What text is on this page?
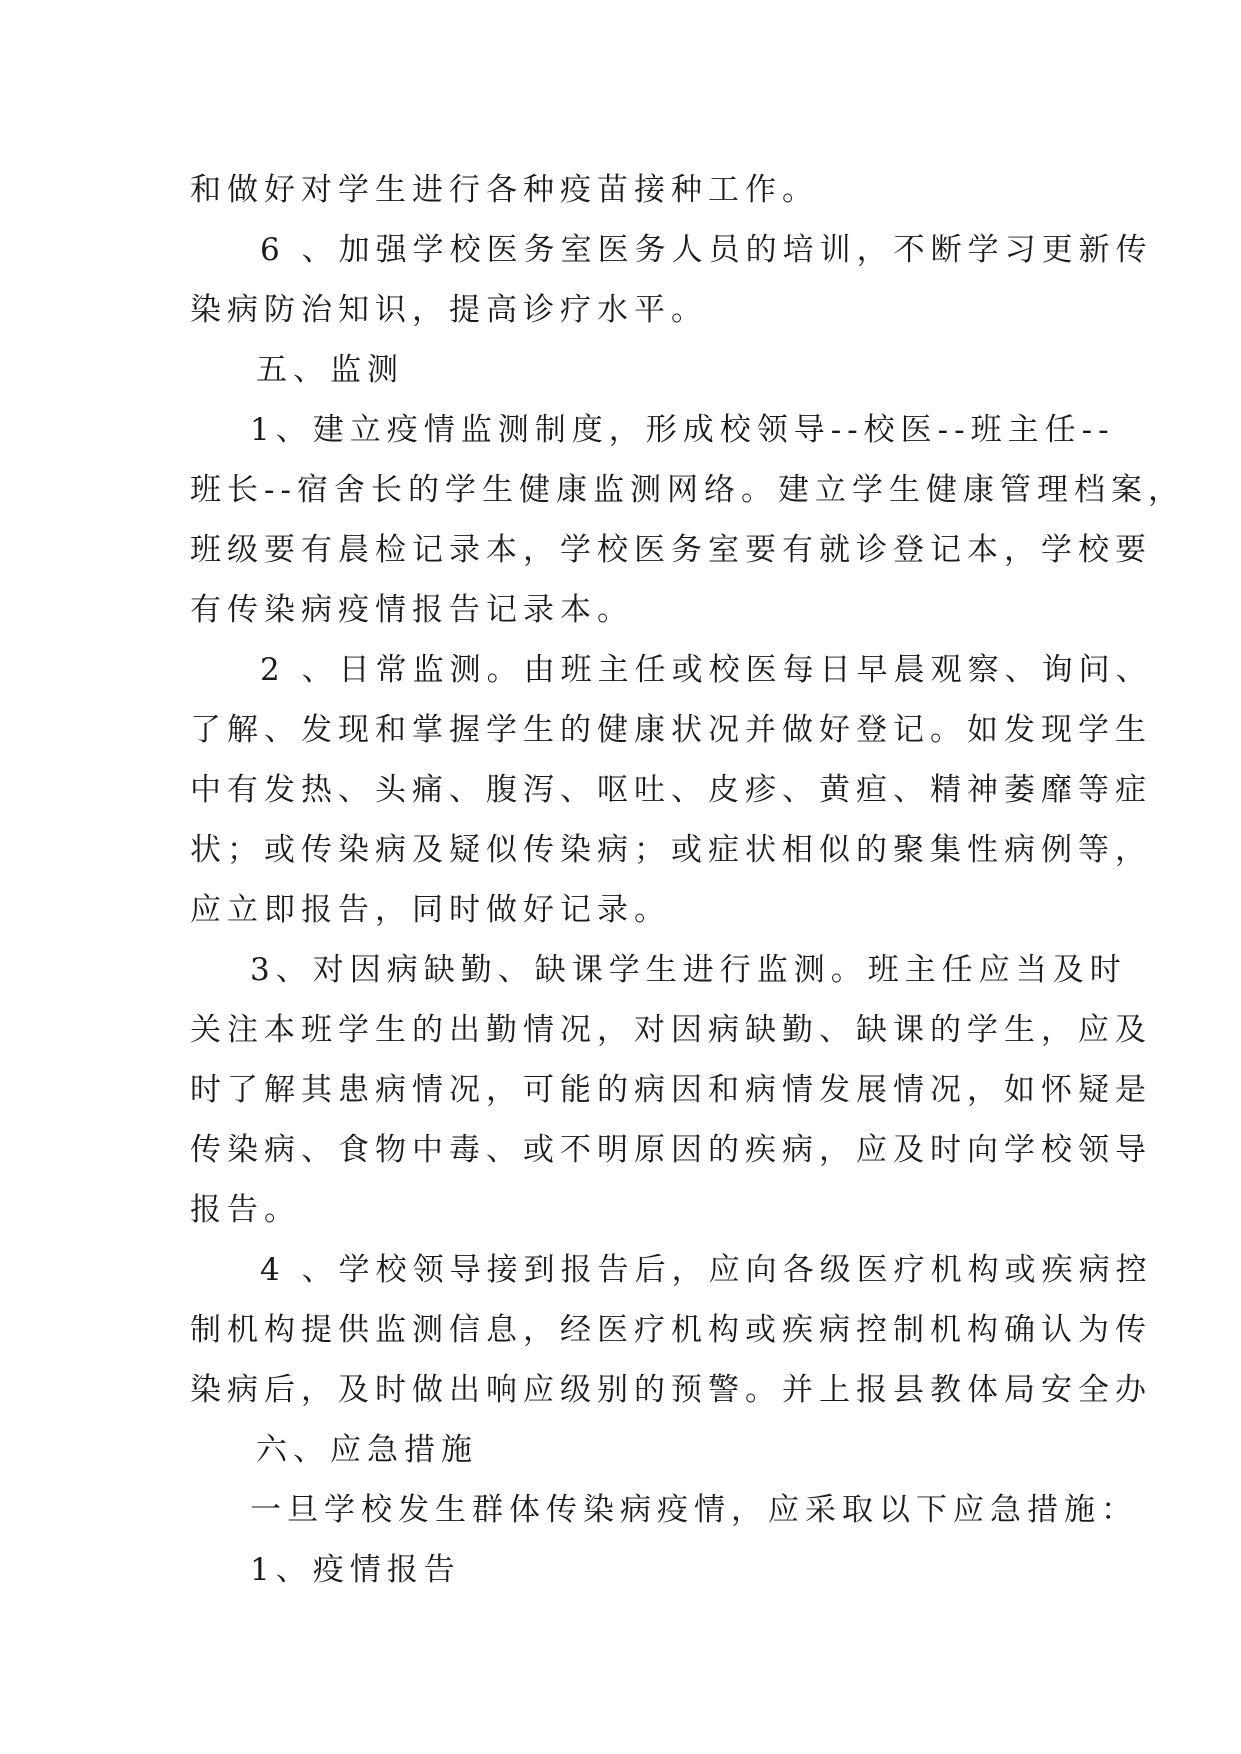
和做好对学生进行各种疫苗接种工作。
6 、加强学校医务室医务人员的培训，不断学习更新传
染病防治知识，提高诊疗水平。
五、监测
1、建立疫情监测制度，形成校领导--校医--班主任--
班长--宿舍长的学生健康监测网络。建立学生健康管理档案，
班级要有晨检记录本，学校医务室要有就诊登记本，学校要
有传染病疫情报告记录本。
2 、日常监测。由班主任或校医每日早晨观察、询问、
了解、发现和掌握学生的健康状况并做好登记。如发现学生
中有发热、头痛、腹泻、呕吐、皮疹、黄疸、精神萎靡等症
状；或传染病及疑似传染病；或症状相似的聚集性病例等，
应立即报告，同时做好记录。
3、对因病缺勤、缺课学生进行监测。班主任应当及时
关注本班学生的出勤情况，对因病缺勤、缺课的学生，应及
时了解其患病情况，可能的病因和病情发展情况，如怀疑是
传染病、食物中毒、或不明原因的疾病，应及时向学校领导
报告。
4 、学校领导接到报告后，应向各级医疗机构或疾病控
制机构提供监测信息，经医疗机构或疾病控制机构确认为传
染病后，及时做出响应级别的预警。并上报县教体局安全办
六、应急措施
一旦学校发生群体传染病疫情，应采取以下应急措施：
1、疫情报告
